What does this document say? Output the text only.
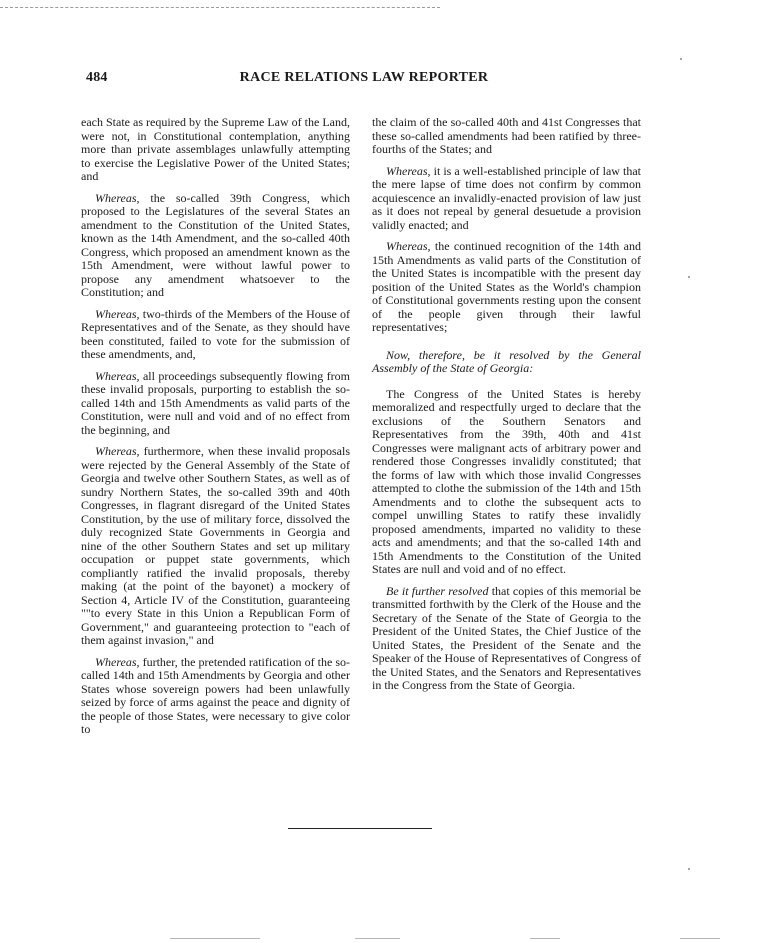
484	RACE RELATIONS LAW REPORTER

each State as required by the Supreme Law of the Land, were not, in Constitutional contemplation, anything more than private assemblages unlawfully attempting to exercise the Legislative Power of the United States; and

Whereas, the so-called 39th Congress, which proposed to the Legislatures of the several States an amendment to the Constitution of the United States, known as the 14th Amendment, and the so-called 40th Congress, which proposed an amendment known as the 15th Amendment, were without lawful power to propose any amendment whatsoever to the Constitution; and

Whereas, two-thirds of the Members of the House of Representatives and of the Senate, as they should have been constituted, failed to vote for the submission of these amendments, and,

Whereas, all proceedings subsequently flowing from these invalid proposals, purporting to establish the so-called 14th and 15th Amendments as valid parts of the Constitution, were null and void and of no effect from the beginning, and

Whereas, furthermore, when these invalid proposals were rejected by the General Assembly of the State of Georgia and twelve other Southern States, as well as of sundry Northern States, the so-called 39th and 40th Congresses, in flagrant disregard of the United States Constitution, by the use of military force, dissolved the duly recognized State Governments in Georgia and nine of the other Southern States and set up military occupation or puppet state governments, which compliantly ratified the invalid proposals, thereby making (at the point of the bayonet) a mockery of Section 4, Article IV of the Constitution, guaranteeing ""to every State in this Union a Republican Form of Government," and guaranteeing protection to "each of them against invasion," and

Whereas, further, the pretended ratification of the so-called 14th and 15th Amendments by Georgia and other States whose sovereign powers had been unlawfully seized by force of arms against the peace and dignity of the people of those States, were necessary to give color to

the claim of the so-called 40th and 41st Congresses that these so-called amendments had been ratified by three-fourths of the States; and

Whereas, it is a well-established principle of law that the mere lapse of time does not confirm by common acquiescence an invalidly-enacted provision of law just as it does not repeal by general desuetude a provision validly enacted; and

Whereas, the continued recognition of the 14th and 15th Amendments as valid parts of the Constitution of the United States is incompatible with the present day position of the United States as the World's champion of Constitutional governments resting upon the consent of the people given through their lawful representatives;

Now, therefore, be it resolved by the General Assembly of the State of Georgia:

The Congress of the United States is hereby memoralized and respectfully urged to declare that the exclusions of the Southern Senators and Representatives from the 39th, 40th and 41st Congresses were malignant acts of arbitrary power and rendered those Congresses invalidly constituted; that the forms of law with which those invalid Congresses attempted to clothe the submission of the 14th and 15th Amendments and to clothe the subsequent acts to compel unwilling States to ratify these invalidly proposed amendments, imparted no validity to these acts and amendments; and that the so-called 14th and 15th Amendments to the Constitution of the United States are null and void and of no effect.

Be it further resolved that copies of this memorial be transmitted forthwith by the Clerk of the House and the Secretary of the Senate of the State of Georgia to the President of the United States, the Chief Justice of the United States, the President of the Senate and the Speaker of the House of Representatives of Congress of the United States, and the Senators and Representatives in the Congress from the State of Georgia.
